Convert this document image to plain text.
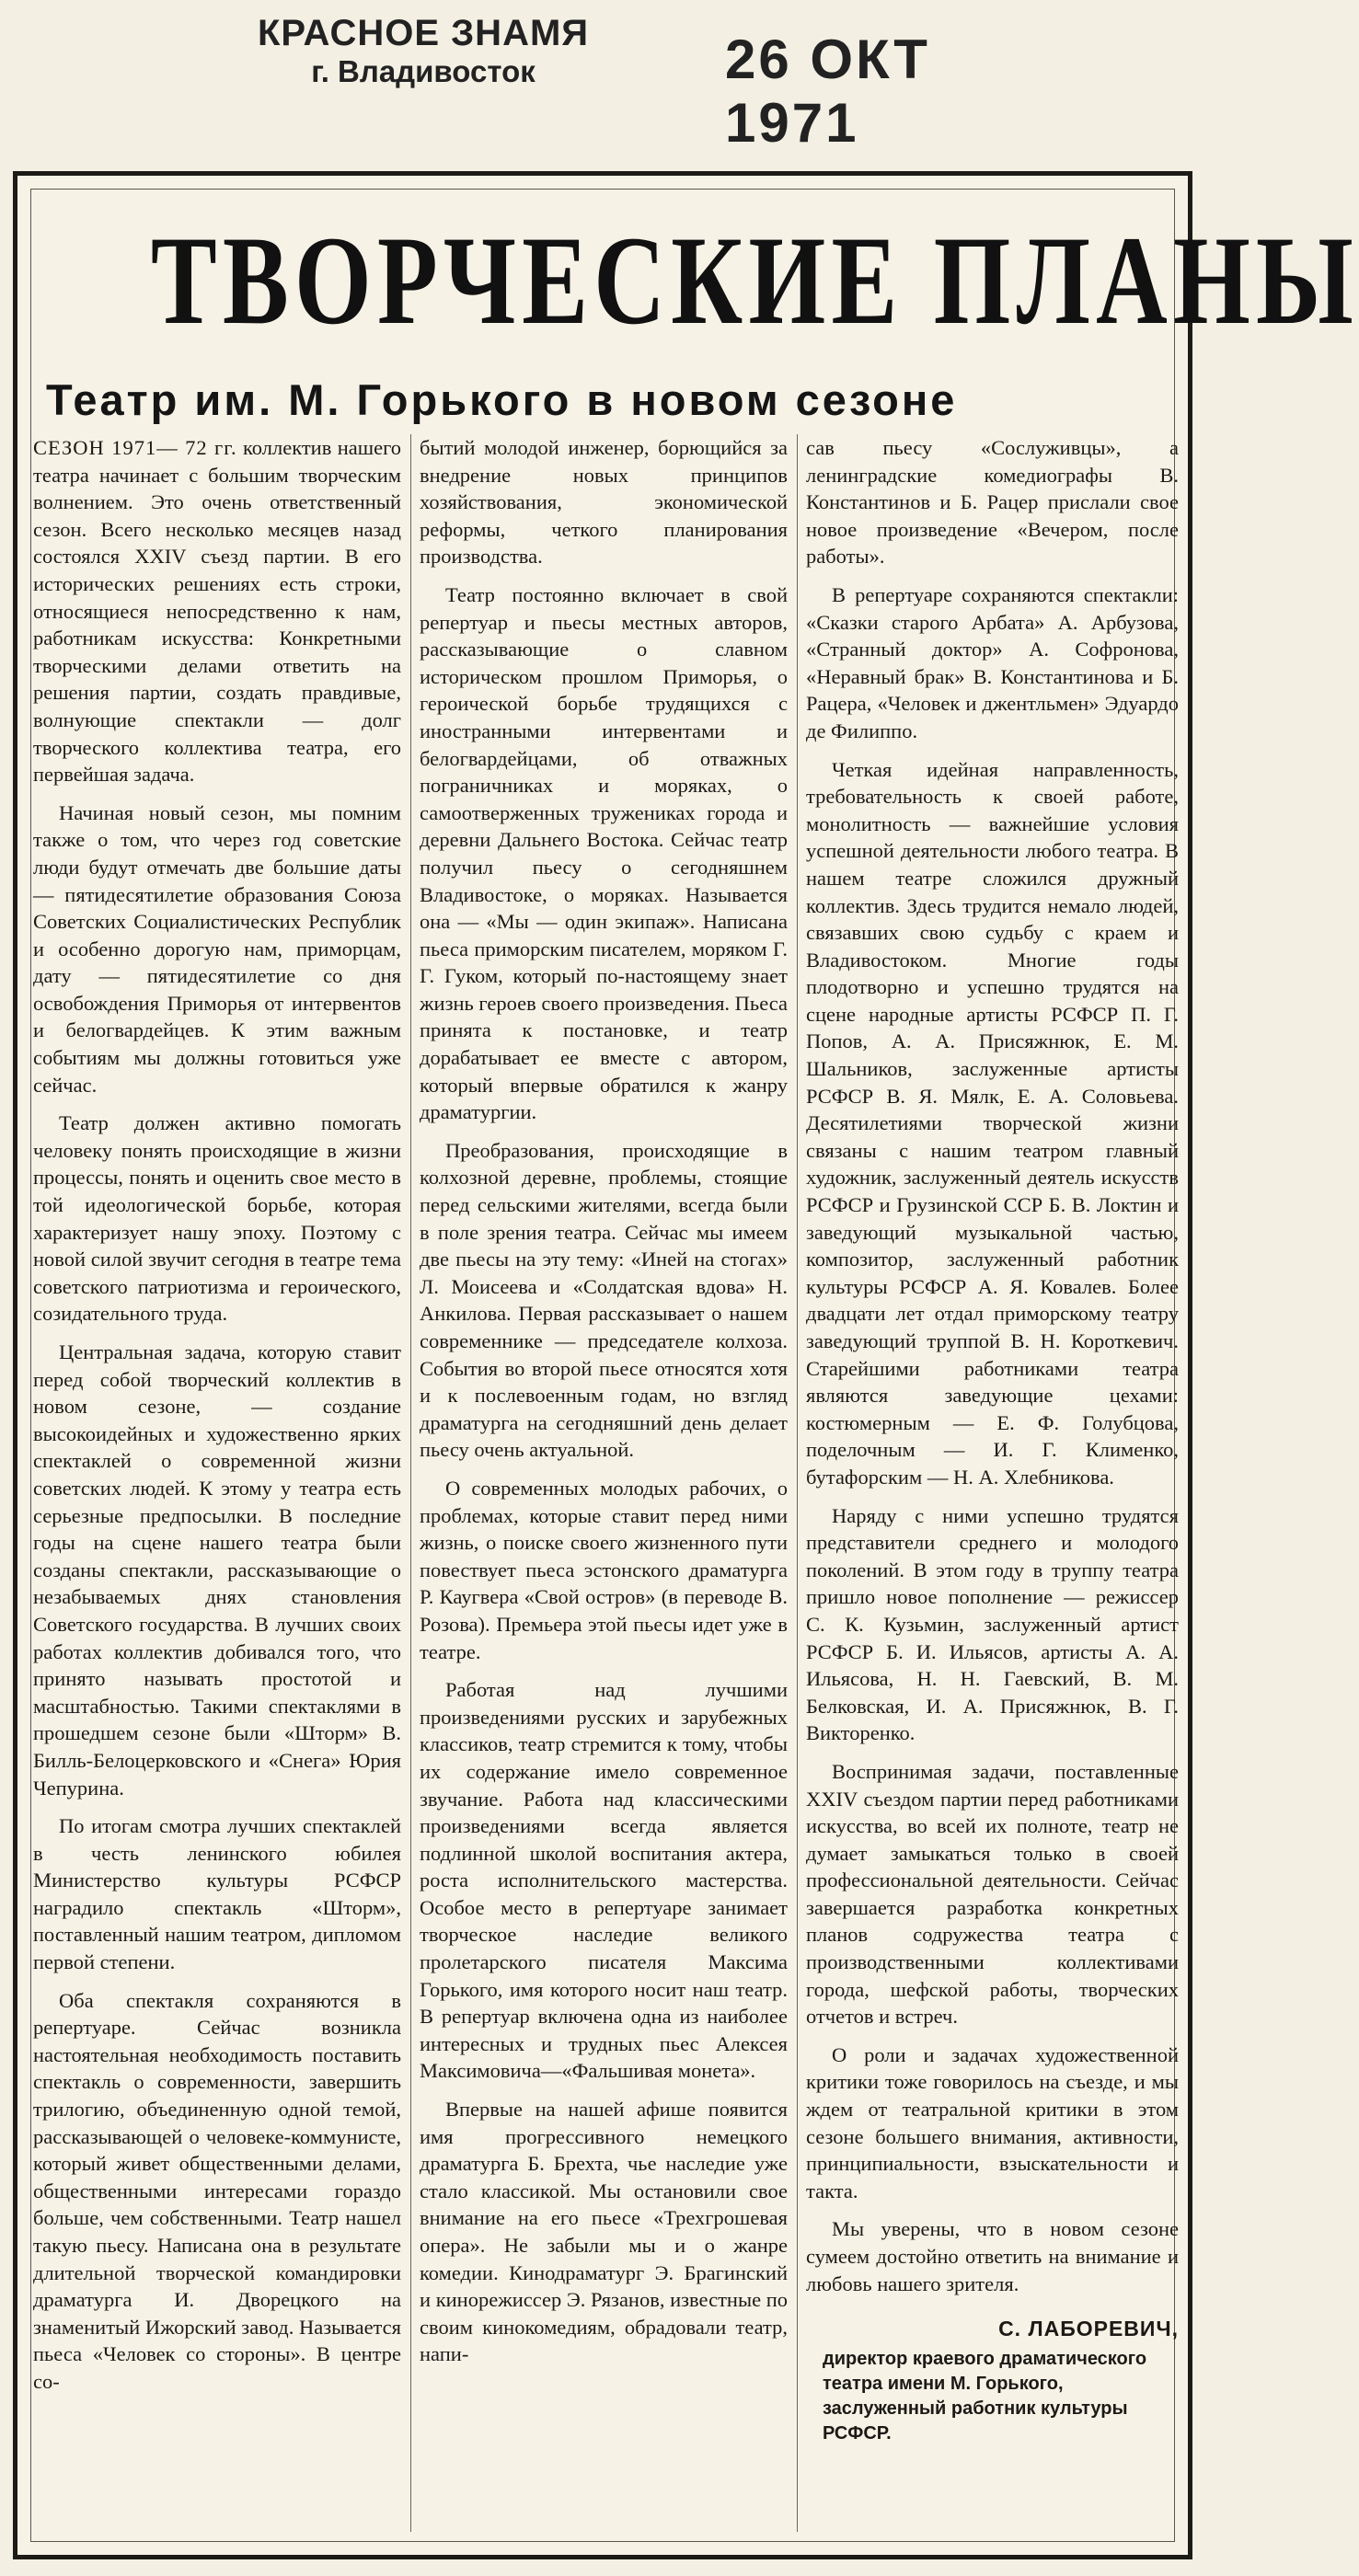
КРАСНОЕ ЗНАМЯ
г. Владивосток	26 ОКТ 1971
ТВОРЧЕСКИЕ ПЛАНЫ
Театр им. М. Горького в новом сезоне

СЕЗОН 1971— 72 гг. коллектив нашего театра начинает с большим творческим волнением. Это очень ответственный сезон. Всего несколько месяцев назад состоялся XXIV съезд партии. В его исторических решениях есть строки, относящиеся непосредственно к нам, работникам искусства: Конкретными творческими делами ответить на решения партии, создать правдивые, волнующие спектакли — долг творческого коллектива театра, его первейшая задача.

Начиная новый сезон, мы помним также о том, что через год советские люди будут отмечать две большие даты — пятидесятилетие образования Союза Советских Социалистических Республик и особенно дорогую нам, приморцам, дату — пятидесятилетие со дня освобождения Приморья от интервентов и белогвардейцев. К этим важным событиям мы должны готовиться уже сейчас.

Театр должен активно помогать человеку понять происходящие в жизни процессы, понять и оценить свое место в той идеологической борьбе, которая характеризует нашу эпоху. Поэтому с новой силой звучит сегодня в театре тема советского патриотизма и героического, созидательного труда.

Центральная задача, которую ставит перед собой творческий коллектив в новом сезоне, — создание высокоидейных и художественно ярких спектаклей о современной жизни советских людей. К этому у театра есть серьезные предпосылки. В последние годы на сцене нашего театра были созданы спектакли, рассказывающие о незабываемых днях становления Советского государства. В лучших своих работах коллектив добивался того, что принято называть простотой и масштабностью. Такими спектаклями в прошедшем сезоне были «Шторм» В. Билль-Белоцерковского и «Снега» Юрия Чепурина.

По итогам смотра лучших спектаклей в честь ленинского юбилея Министерство культуры РСФСР наградило спектакль «Шторм», поставленный нашим театром, дипломом первой степени.

Оба спектакля сохраняются в репертуаре. Сейчас возникла настоятельная необходимость поставить спектакль о современности, завершить трилогию, объединенную одной темой, рассказывающей о человеке-коммунисте, который живет общественными делами, общественными интересами гораздо больше, чем собственными. Театр нашел такую пьесу. Написана она в результате длительной творческой командировки драматурга И. Дворецкого на знаменитый Ижорский завод. Называется пьеса «Человек со стороны». В центре со-

бытий молодой инженер, борющийся за внедрение новых принципов хозяйствования, экономической реформы, четкого планирования производства.

Театр постоянно включает в свой репертуар и пьесы местных авторов, рассказывающие о славном историческом прошлом Приморья, о героической борьбе трудящихся с иностранными интервентами и белогвардейцами, об отважных пограничниках и моряках, о самоотверженных тружениках города и деревни Дальнего Востока. Сейчас театр получил пьесу о сегодняшнем Владивостоке, о моряках. Называется она — «Мы — один экипаж». Написана пьеса приморским писателем, моряком Г. Г. Гуком, который по-настоящему знает жизнь героев своего произведения. Пьеса принята к постановке, и театр дорабатывает ее вместе с автором, который впервые обратился к жанру драматургии.

Преобразования, происходящие в колхозной деревне, проблемы, стоящие перед сельскими жителями, всегда были в поле зрения театра. Сейчас мы имеем две пьесы на эту тему: «Иней на стогах» Л. Моисеева и «Солдатская вдова» Н. Анкилова. Первая рассказывает о нашем современнике — председателе колхоза. События во второй пьесе относятся хотя и к послевоенным годам, но взгляд драматурга на сегодняшний день делает пьесу очень актуальной.

О современных молодых рабочих, о проблемах, которые ставит перед ними жизнь, о поиске своего жизненного пути повествует пьеса эстонского драматурга Р. Каугвера «Свой остров» (в переводе В. Розова). Премьера этой пьесы идет уже в театре.

Работая над лучшими произведениями русских и зарубежных классиков, театр стремится к тому, чтобы их содержание имело современное звучание. Работа над классическими произведениями всегда является подлинной школой воспитания актера, роста исполнительского мастерства. Особое место в репертуаре занимает творческое наследие великого пролетарского писателя Максима Горького, имя которого носит наш театр. В репертуар включена одна из наиболее интересных и трудных пьес Алексея Максимовича—«Фальшивая монета».

Впервые на нашей афише появится имя прогрессивного немецкого драматурга Б. Брехта, чье наследие уже стало классикой. Мы остановили свое внимание на его пьесе «Трехгрошевая опера». Не забыли мы и о жанре комедии. Кинодраматург Э. Брагинский и кинорежиссер Э. Рязанов, известные по своим кинокомедиям, обрадовали театр, напи-

сав пьесу «Сослуживцы», а ленинградские комедиографы В. Константинов и Б. Рацер прислали свое новое произведение «Вечером, после работы».

В репертуаре сохраняются спектакли: «Сказки старого Арбата» А. Арбузова, «Странный доктор» А. Софронова, «Неравный брак» В. Константинова и Б. Рацера, «Человек и джентльмен» Эдуардо де Филиппо.

Четкая идейная направленность, требовательность к своей работе, монолитность — важнейшие условия успешной деятельности любого театра. В нашем театре сложился дружный коллектив. Здесь трудится немало людей, связавших свою судьбу с краем и Владивостоком. Многие годы плодотворно и успешно трудятся на сцене народные артисты РСФСР П. Г. Попов, А. А. Присяжнюк, Е. М. Шальников, заслуженные артисты РСФСР В. Я. Мялк, Е. А. Соловьева. Десятилетиями творческой жизни связаны с нашим театром главный художник, заслуженный деятель искусств РСФСР и Грузинской ССР Б. В. Локтин и заведующий музыкальной частью, композитор, заслуженный работник культуры РСФСР А. Я. Ковалев. Более двадцати лет отдал приморскому театру заведующий труппой В. Н. Короткевич. Старейшими работниками театра являются заведующие цехами: костюмерным — Е. Ф. Голубцова, поделочным — И. Г. Клименко, бутафорским — Н. А. Хлебникова.

Наряду с ними успешно трудятся представители среднего и молодого поколений. В этом году в труппу театра пришло новое пополнение — режиссер С. К. Кузьмин, заслуженный артист РСФСР Б. И. Ильясов, артисты А. А. Ильясова, Н. Н. Гаевский, В. М. Белковская, И. А. Присяжнюк, В. Г. Викторенко.

Воспринимая задачи, поставленные XXIV съездом партии перед работниками искусства, во всей их полноте, театр не думает замыкаться только в своей профессиональной деятельности. Сейчас завершается разработка конкретных планов содружества театра с производственными коллективами города, шефской работы, творческих отчетов и встреч.

О роли и задачах художественной критики тоже говорилось на съезде, и мы ждем от театральной критики в этом сезоне большего внимания, активности, принципиальности, взыскательности и такта.

Мы уверены, что в новом сезоне сумеем достойно ответить на внимание и любовь нашего зрителя.

С. ЛАБОРЕВИЧ,
директор краевого драматического театра имени М. Горького, заслуженный работник культуры РСФСР.
